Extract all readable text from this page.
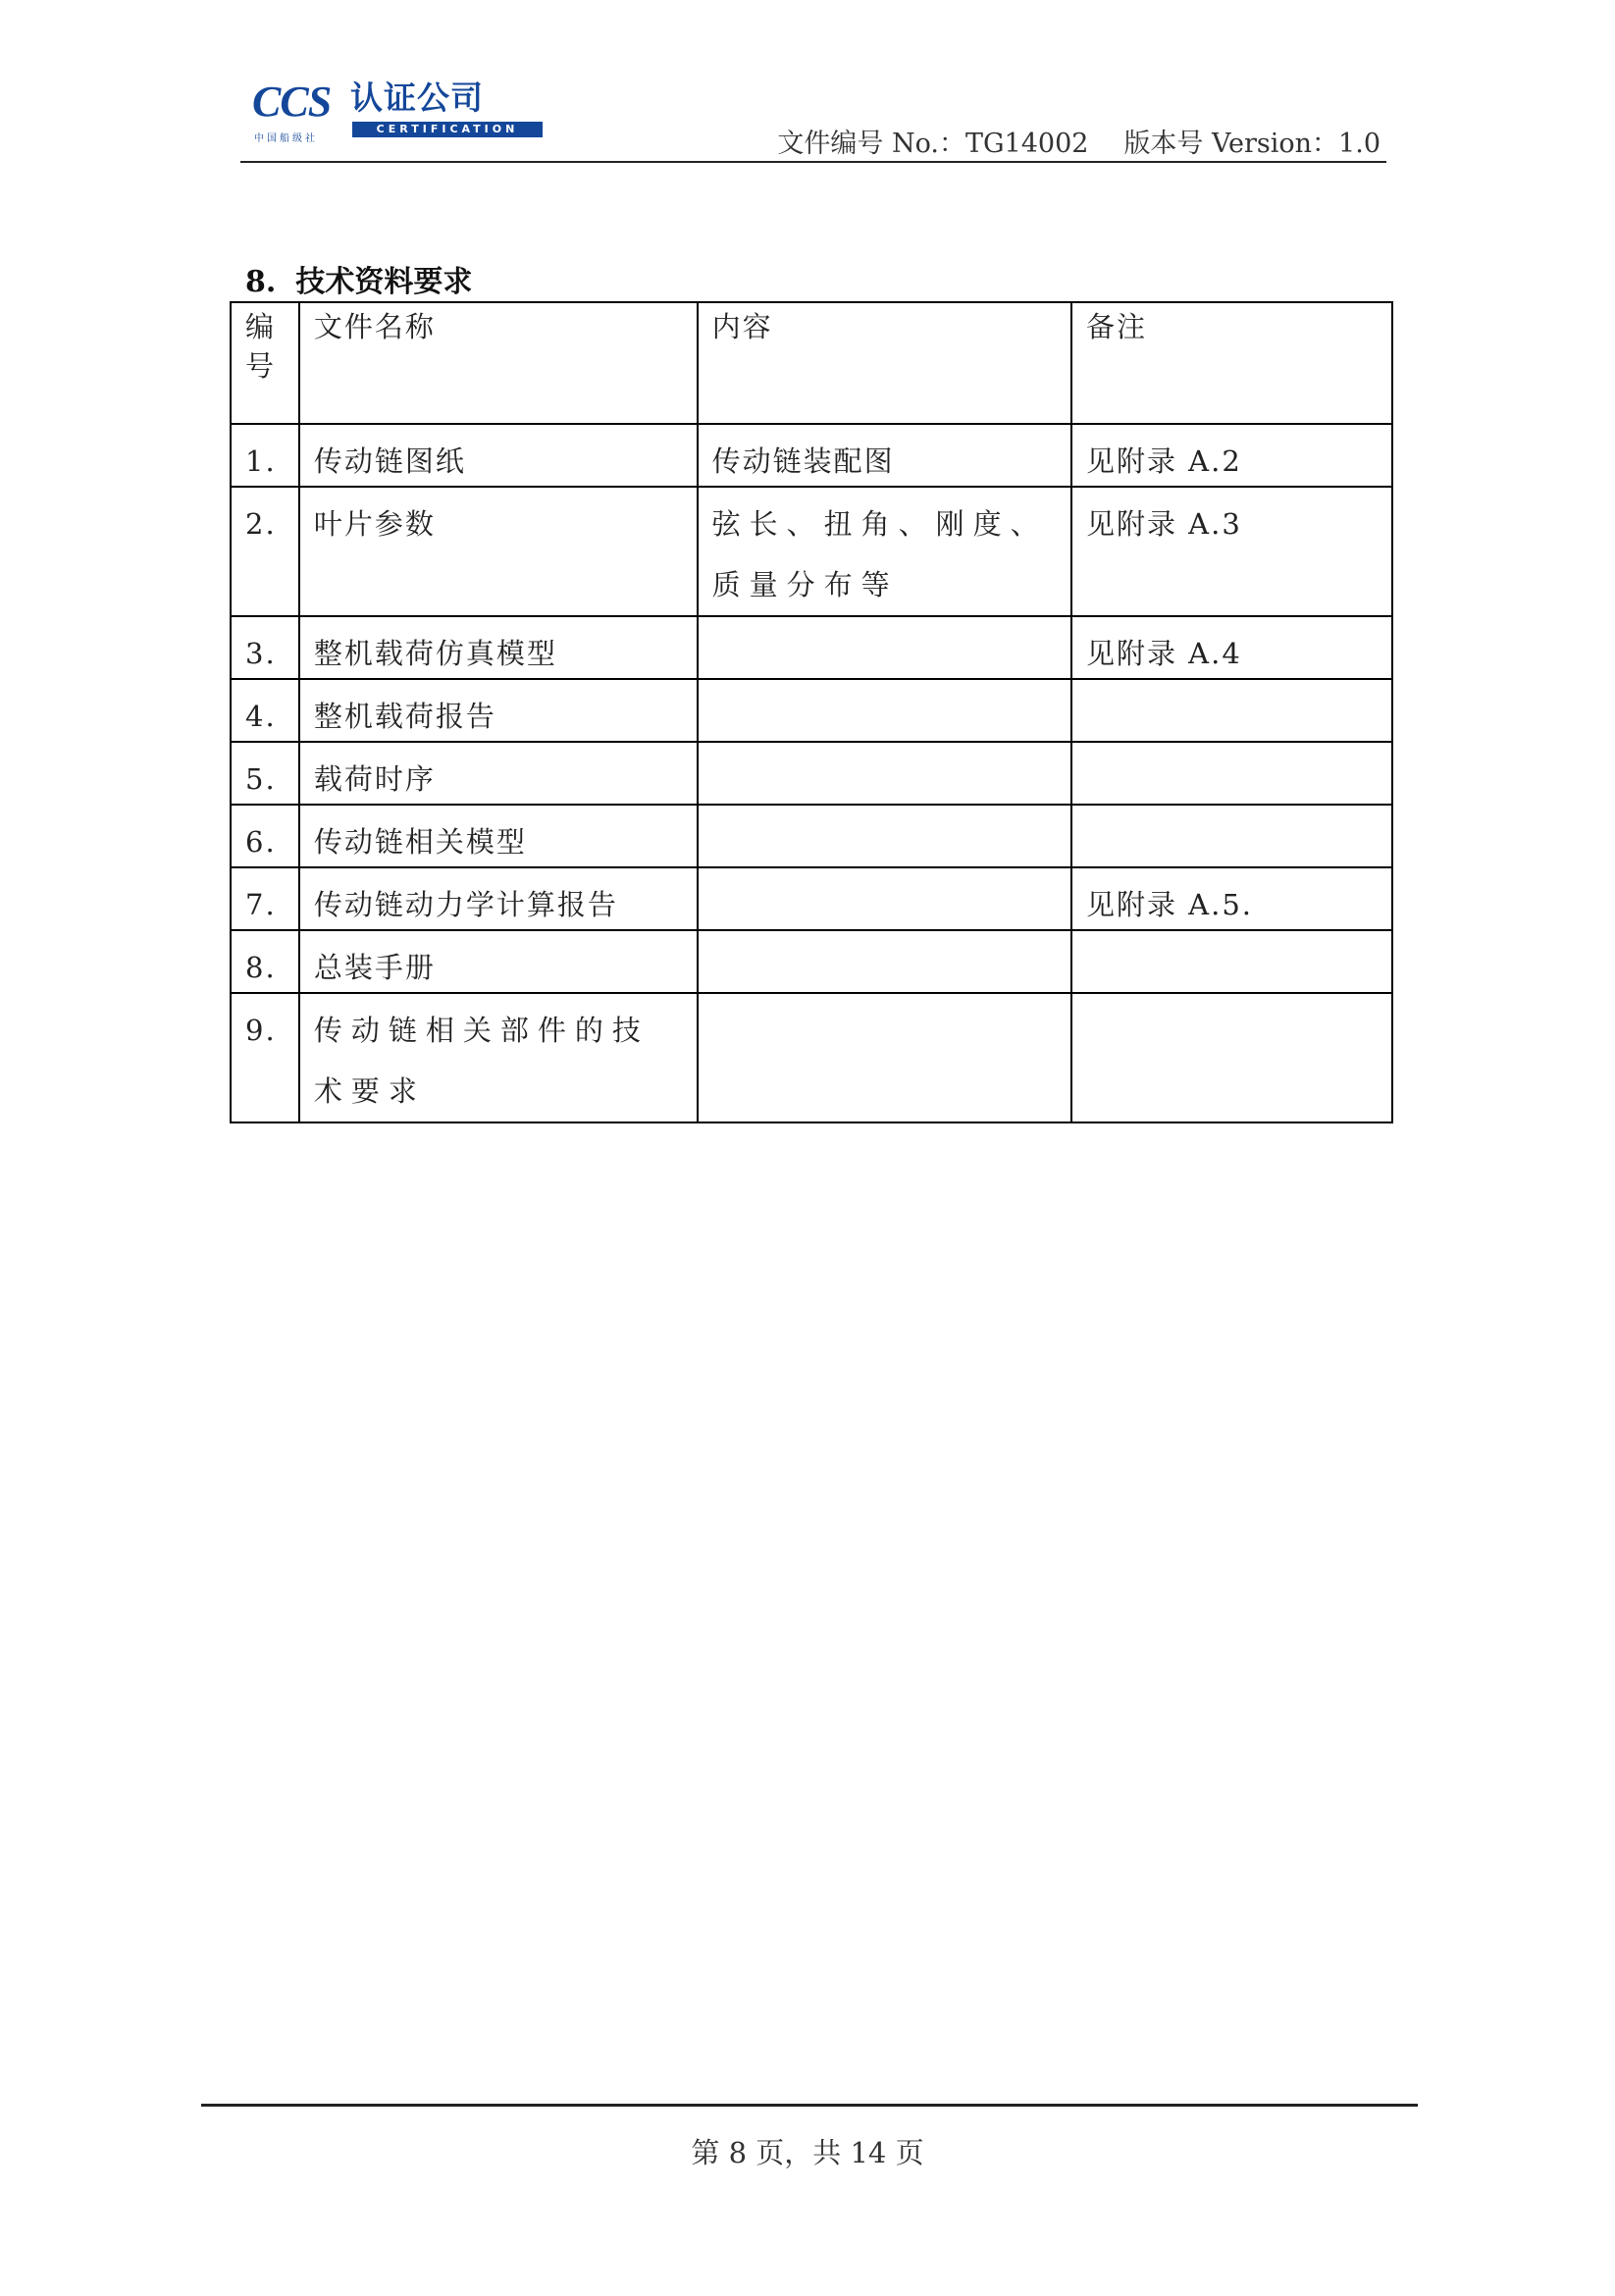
CCS
中国船级社
认证公司
CERTIFICATION	文件编号 No.：TG14002 版本号 Version：1.0
8. 技术资料要求
编号	文件名称	内容	备注
1.	传动链图纸	传动链装配图	见附录 A.2
2.	叶片参数	弦长、扭角、刚度、质量分布等	见附录 A.3
3.	整机载荷仿真模型		见附录 A.4
4.	整机载荷报告		
5.	载荷时序		
6.	传动链相关模型		
7.	传动链动力学计算报告		见附录 A.5.
8.	总装手册		
9.	传动链相关部件的技术要求		
第 8 页，共 14 页
